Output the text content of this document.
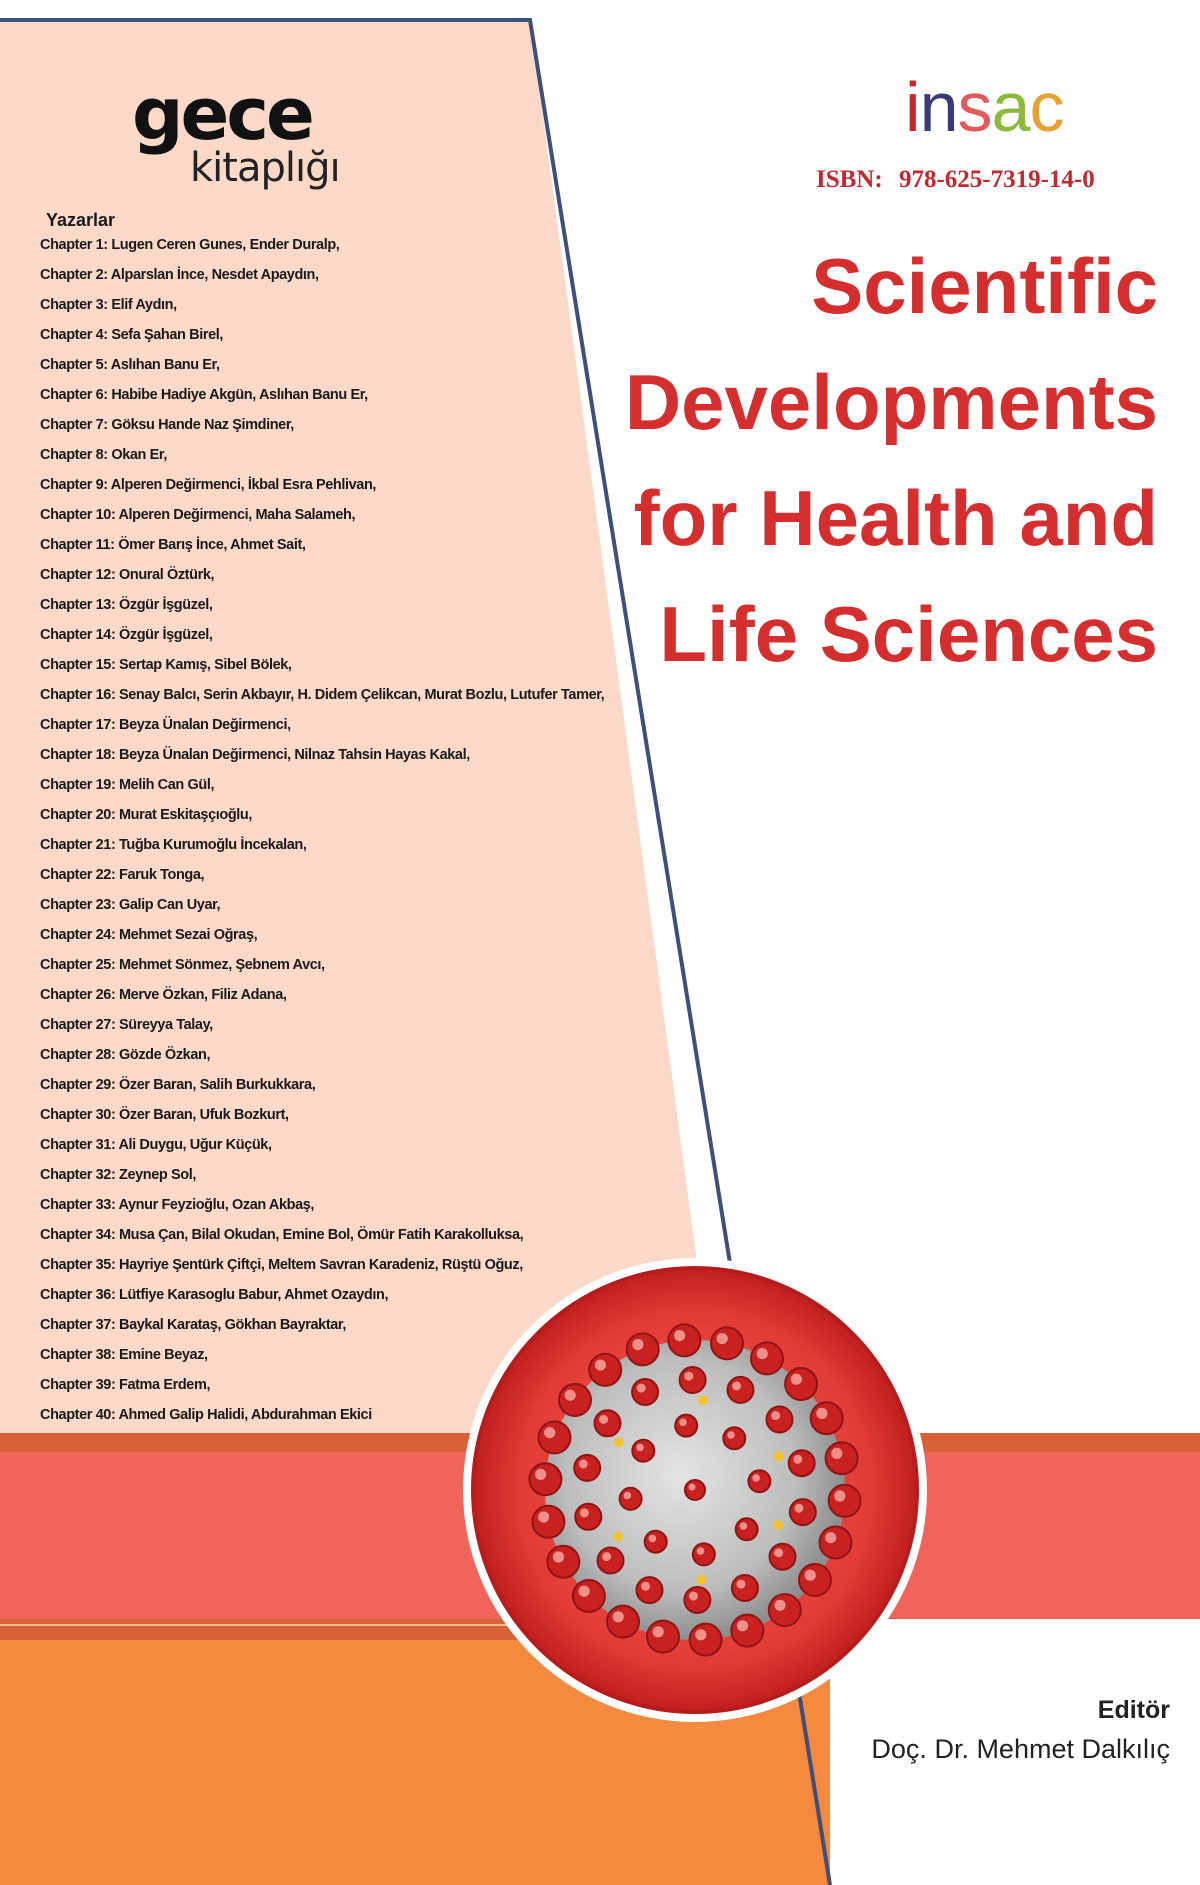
gece
kitaplığı
insac
ISBN: 978-625-7319-14-0
Scientific
Developments
for Health and
Life Sciences
Yazarlar
Chapter 1: Lugen Ceren Gunes, Ender Duralp,
Chapter 2: Alparslan İnce, Nesdet Apaydın,
Chapter 3: Elif Aydın,
Chapter 4: Sefa Şahan Birel,
Chapter 5: Aslıhan Banu Er,
Chapter 6: Habibe Hadiye Akgün, Aslıhan Banu Er,
Chapter 7: Göksu Hande Naz Şimdiner,
Chapter 8: Okan Er,
Chapter 9: Alperen Değirmenci, İkbal Esra Pehlivan,
Chapter 10: Alperen Değirmenci, Maha Salameh,
Chapter 11: Ömer Barış İnce, Ahmet Sait,
Chapter 12: Onural Öztürk,
Chapter 13: Özgür İşgüzel,
Chapter 14: Özgür İşgüzel,
Chapter 15: Sertap Kamış, Sibel Bölek,
Chapter 16: Senay Balcı, Serin Akbayır, H. Didem Çelikcan, Murat Bozlu, Lutufer Tamer,
Chapter 17: Beyza Ünalan Değirmenci,
Chapter 18: Beyza Ünalan Değirmenci, Nilnaz Tahsin Hayas Kakal,
Chapter 19: Melih Can Gül,
Chapter 20: Murat Eskitaşçıoğlu,
Chapter 21: Tuğba Kurumoğlu İncekalan,
Chapter 22: Faruk Tonga,
Chapter 23: Galip Can Uyar,
Chapter 24: Mehmet Sezai Oğraş,
Chapter 25: Mehmet Sönmez, Şebnem Avcı,
Chapter 26: Merve Özkan, Filiz Adana,
Chapter 27: Süreyya Talay,
Chapter 28: Gözde Özkan,
Chapter 29: Özer Baran, Salih Burkukkara,
Chapter 30: Özer Baran, Ufuk Bozkurt,
Chapter 31: Ali Duygu, Uğur Küçük,
Chapter 32: Zeynep Sol,
Chapter 33: Aynur Feyzioğlu, Ozan Akbaş,
Chapter 34: Musa Çan, Bilal Okudan, Emine Bol, Ömür Fatih Karakolluksa,
Chapter 35: Hayriye Şentürk Çiftçi, Meltem Savran Karadeniz, Rüştü Oğuz,
Chapter 36: Lütfiye Karasoglu Babur, Ahmet Ozaydın,
Chapter 37: Baykal Karataş, Gökhan Bayraktar,
Chapter 38: Emine Beyaz,
Chapter 39: Fatma Erdem,
Chapter 40: Ahmed Galip Halidi, Abdurahman Ekici
Editör
Doç. Dr. Mehmet Dalkılıç
